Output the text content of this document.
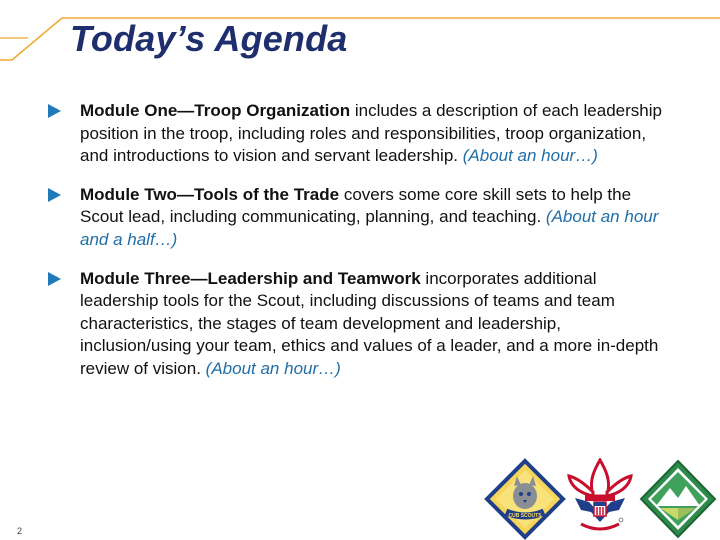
Today’s Agenda
Module One—Troop Organization includes a description of each leadership position in the troop, including roles and responsibilities, troop organization, and introductions to vision and servant leadership. (About an hour…)
Module Two—Tools of the Trade covers some core skill sets to help the Scout lead, including communicating, planning, and teaching. (About an hour and a half…)
Module Three—Leadership and Teamwork incorporates additional leadership tools for the Scout, including discussions of teams and team characteristics, the stages of team development and leadership, inclusion/using your team, ethics and values of a leader, and a more in-depth review of vision. (About an hour…)
CUB SCOUTS
2
